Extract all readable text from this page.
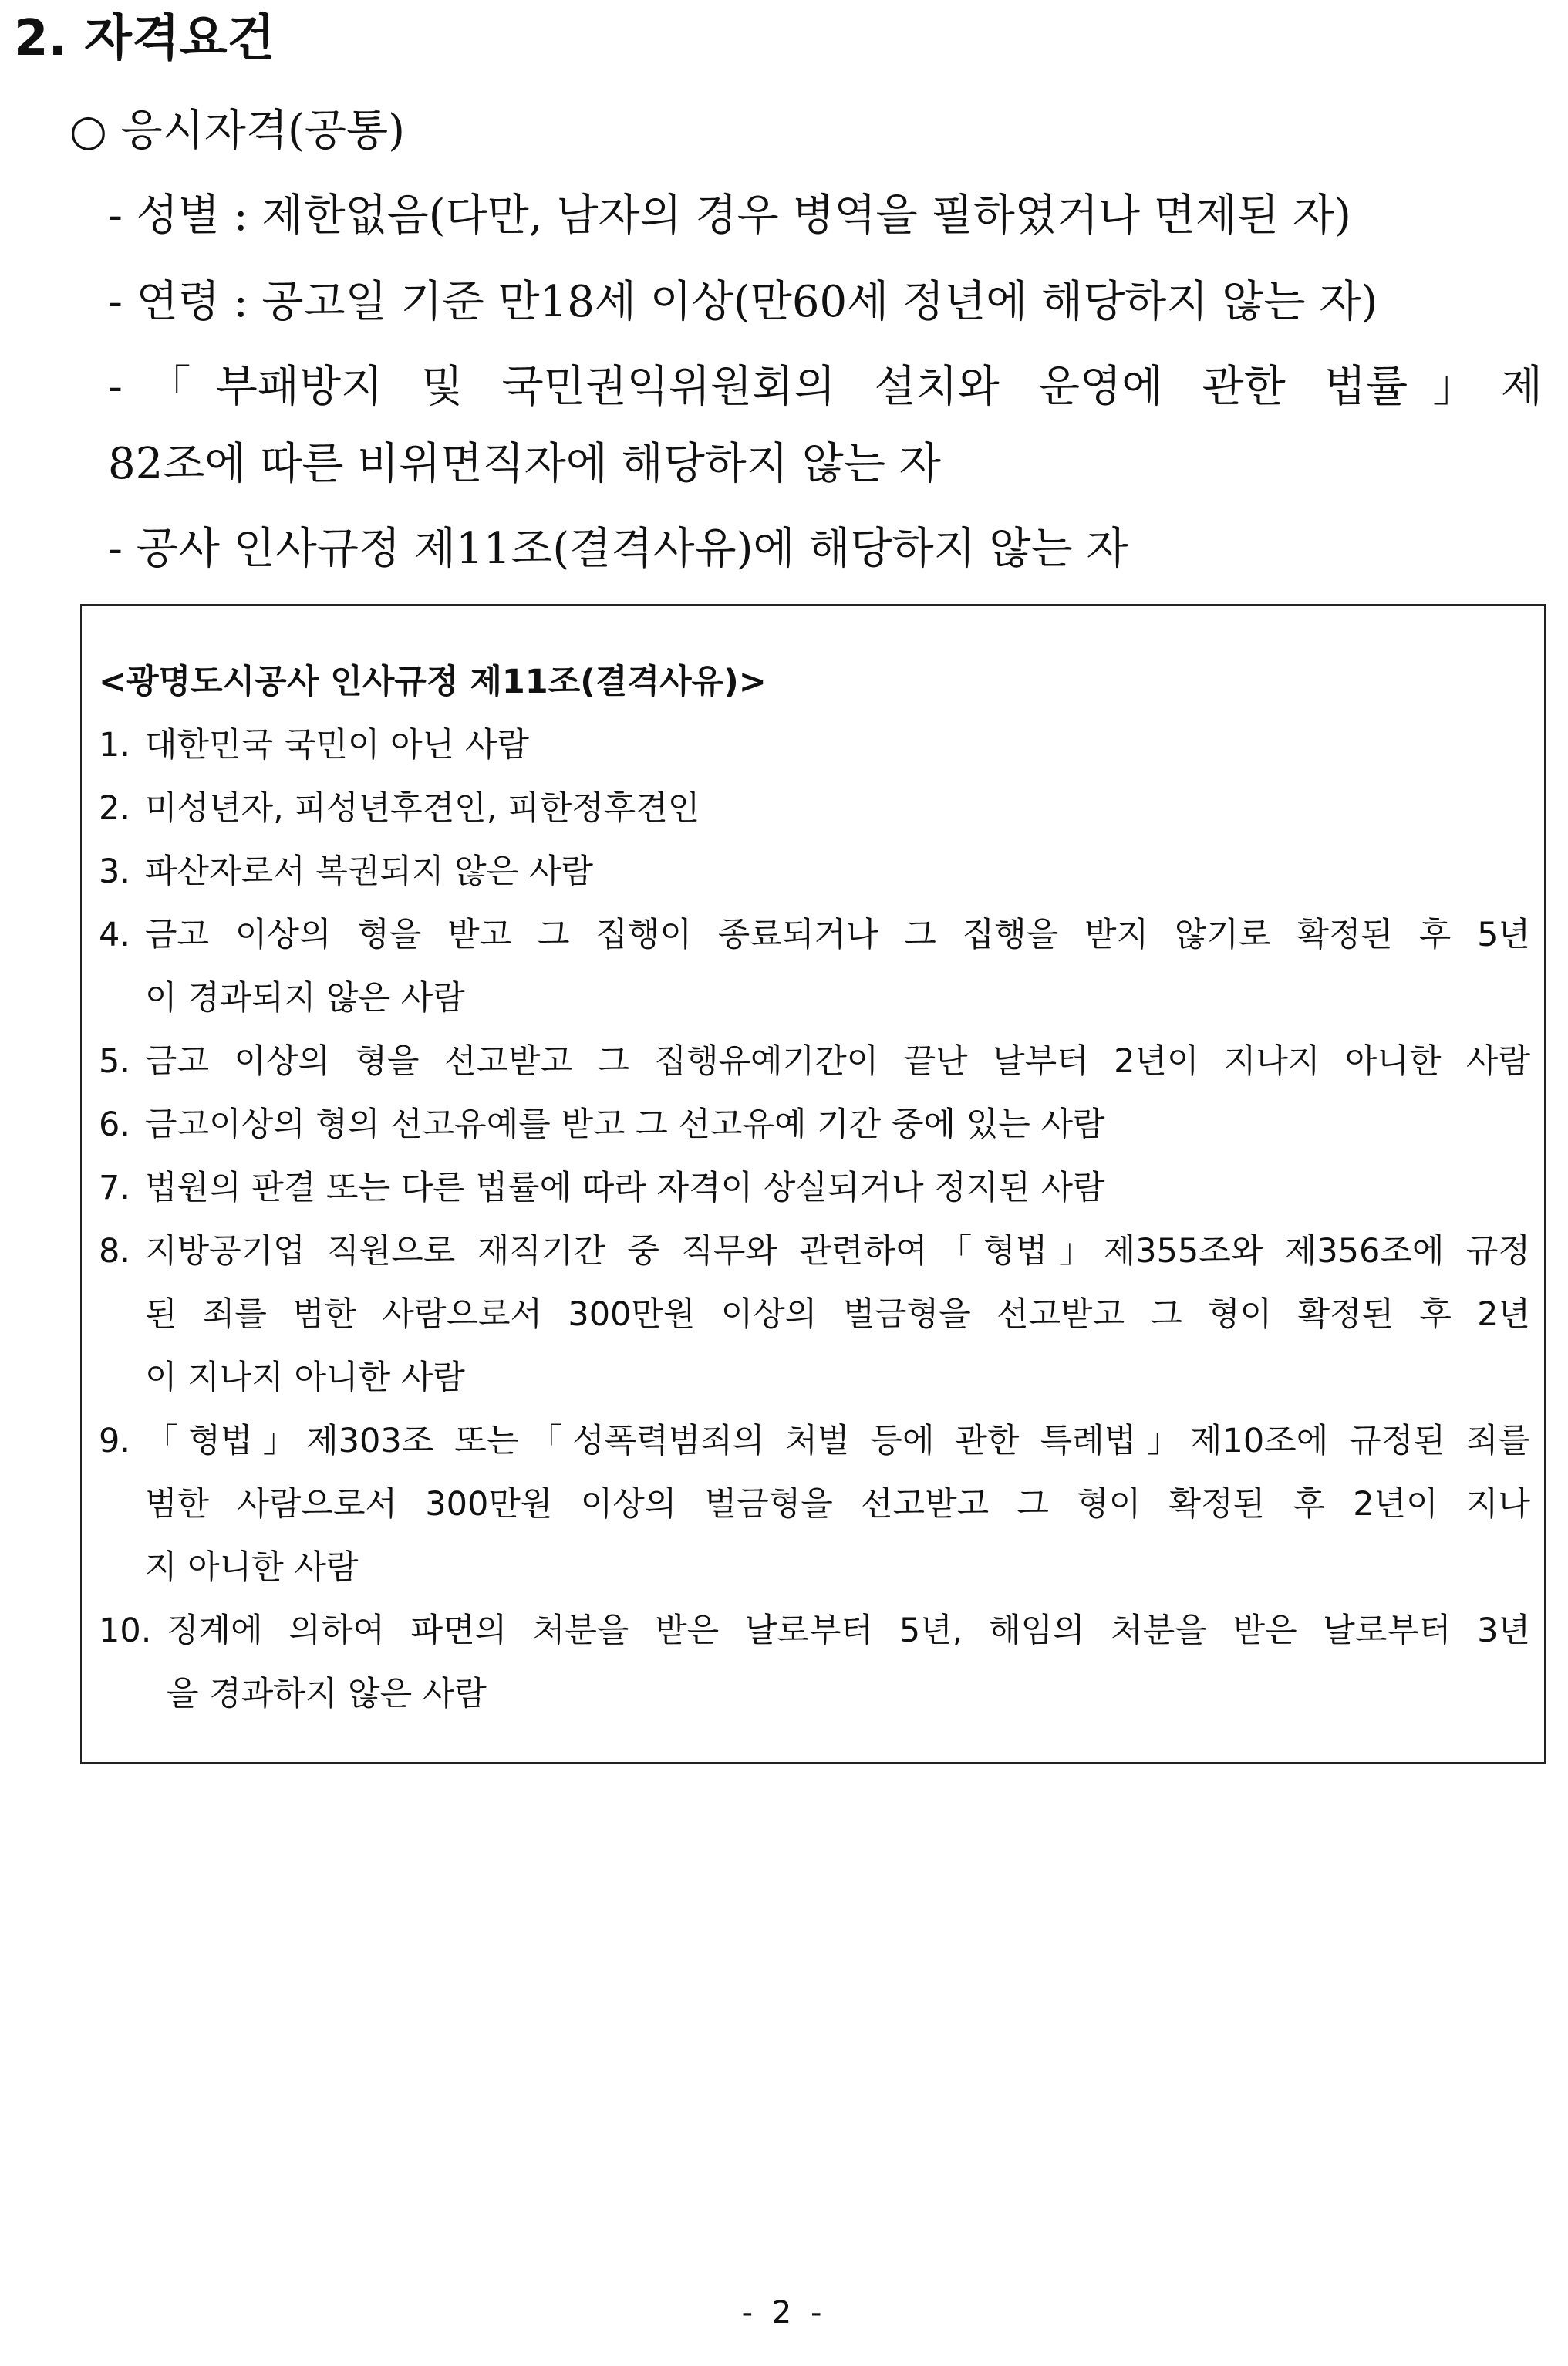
2. 자격요건
○ 응시자격(공통)
- 성별 : 제한없음(다만, 남자의 경우 병역을 필하였거나 면제된 자)
- 연령 : 공고일 기준 만18세 이상(만60세 정년에 해당하지 않는 자)
-「부패방지 및 국민권익위원회의 설치와 운영에 관한 법률」제
82조에 따른 비위면직자에 해당하지 않는 자
- 공사 인사규정 제11조(결격사유)에 해당하지 않는 자
<광명도시공사 인사규정 제11조(결격사유)>
1. 대한민국 국민이 아닌 사람
2. 미성년자, 피성년후견인, 피한정후견인
3. 파산자로서 복권되지 않은 사람
4. 금고 이상의 형을 받고 그 집행이 종료되거나 그 집행을 받지 않기로 확정된 후 5년
이 경과되지 않은 사람
5. 금고 이상의 형을 선고받고 그 집행유예기간이 끝난 날부터 2년이 지나지 아니한 사람
6. 금고이상의 형의 선고유예를 받고 그 선고유예 기간 중에 있는 사람
7. 법원의 판결 또는 다른 법률에 따라 자격이 상실되거나 정지된 사람
8. 지방공기업 직원으로 재직기간 중 직무와 관련하여「형법」제355조와 제356조에 규정
된 죄를 범한 사람으로서 300만원 이상의 벌금형을 선고받고 그 형이 확정된 후 2년
이 지나지 아니한 사람
9. 「형법」제303조 또는「성폭력범죄의 처벌 등에 관한 특례법」제10조에 규정된 죄를
범한 사람으로서 300만원 이상의 벌금형을 선고받고 그 형이 확정된 후 2년이 지나
지 아니한 사람
10. 징계에 의하여 파면의 처분을 받은 날로부터 5년, 해임의 처분을 받은 날로부터 3년
을 경과하지 않은 사람
- 2 -
